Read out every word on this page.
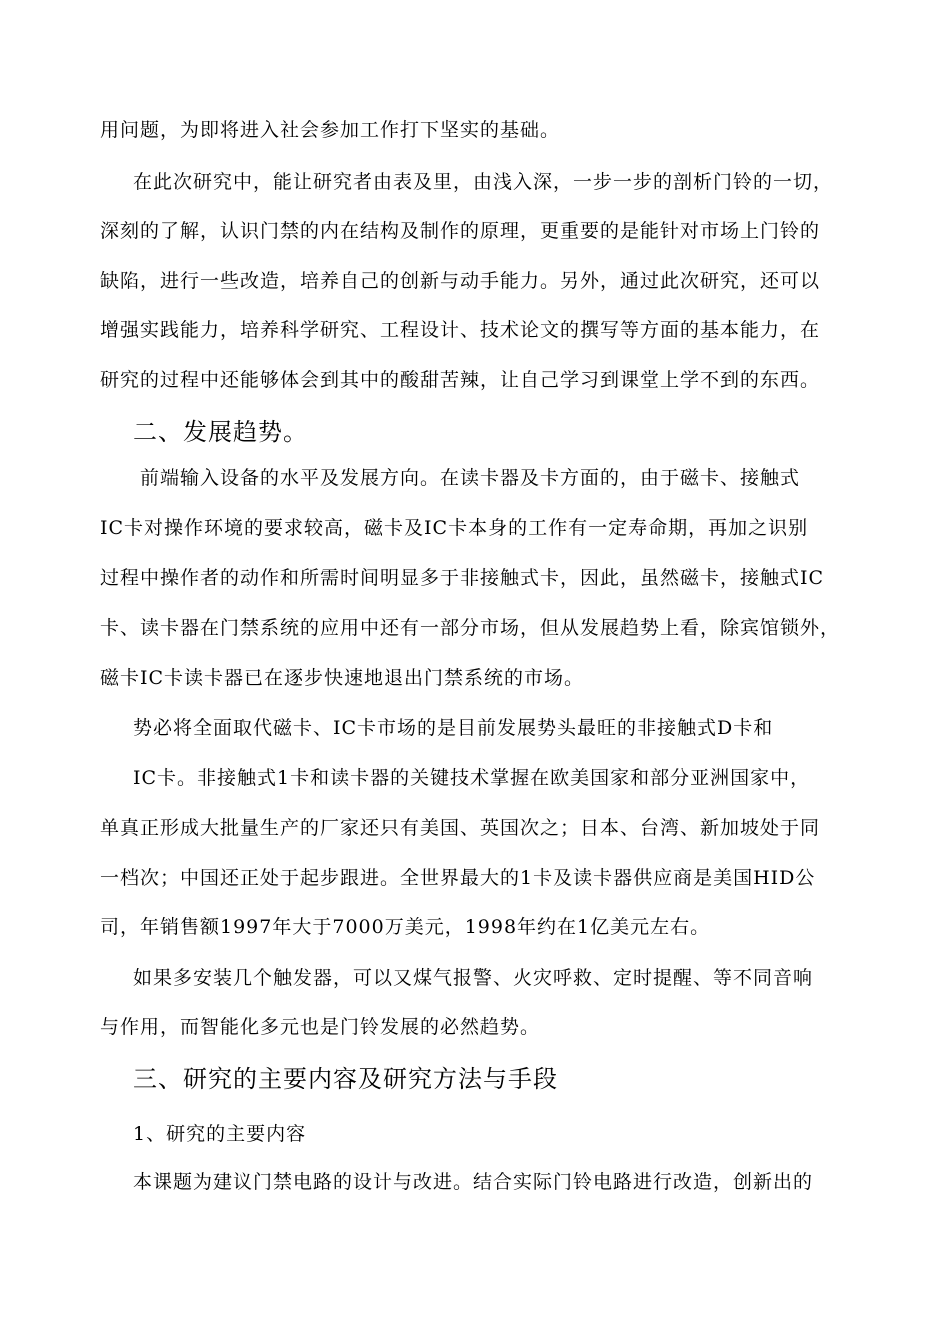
用问题，为即将进入社会参加工作打下坚实的基础。
在此次研究中，能让研究者由表及里，由浅入深，一步一步的剖析门铃的一切，
深刻的了解，认识门禁的内在结构及制作的原理，更重要的是能针对市场上门铃的
缺陷，进行一些改造，培养自己的创新与动手能力。另外，通过此次研究，还可以
增强实践能力，培养科学研究、工程设计、技术论文的撰写等方面的基本能力，在
研究的过程中还能够体会到其中的酸甜苦辣，让自己学习到课堂上学不到的东西。
二、发展趋势。
前端输入设备的水平及发展方向。在读卡器及卡方面的，由于磁卡、接触式
IC卡对操作环境的要求较高，磁卡及IC卡本身的工作有一定寿命期，再加之识别
过程中操作者的动作和所需时间明显多于非接触式卡，因此，虽然磁卡，接触式IC
卡、读卡器在门禁系统的应用中还有一部分市场，但从发展趋势上看，除宾馆锁外，
磁卡IC卡读卡器已在逐步快速地退出门禁系统的市场。
势必将全面取代磁卡、IC卡市场的是目前发展势头最旺的非接触式D卡和
IC卡。非接触式1卡和读卡器的关键技术掌握在欧美国家和部分亚洲国家中，
单真正形成大批量生产的厂家还只有美国、英国次之；日本、台湾、新加坡处于同
一档次；中国还正处于起步跟进。全世界最大的1卡及读卡器供应商是美国HID公
司，年销售额1997年大于7000万美元，1998年约在1亿美元左右。
如果多安装几个触发器，可以又煤气报警、火灾呼救、定时提醒、等不同音响
与作用，而智能化多元也是门铃发展的必然趋势。
三、研究的主要内容及研究方法与手段
1、研究的主要内容
本课题为建议门禁电路的设计与改进。结合实际门铃电路进行改造，创新出的
